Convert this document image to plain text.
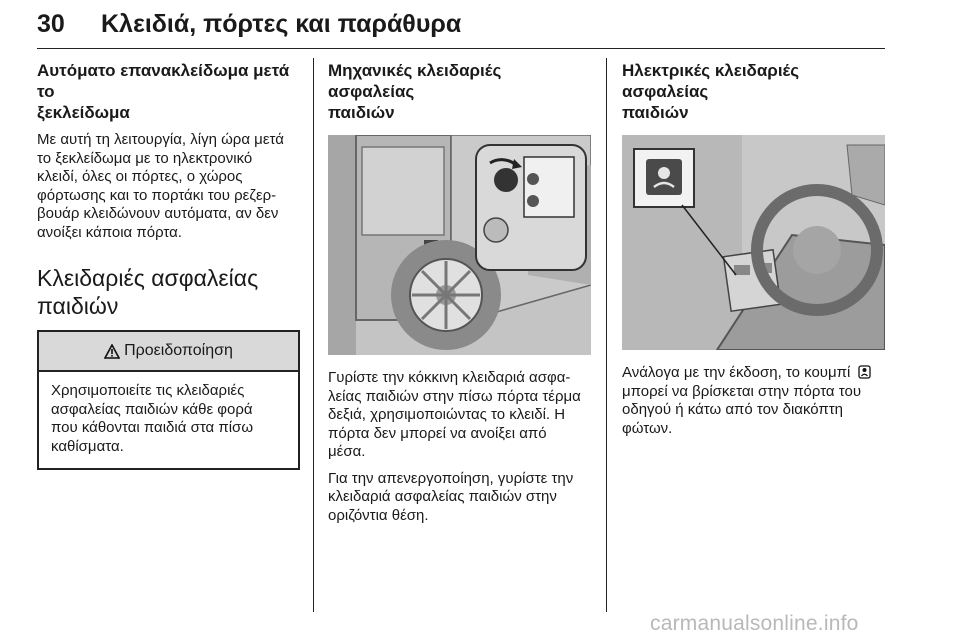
30 Κλειδιά, πόρτες και παράθυρα
Αυτόματο επανακλείδωμα μετά το
ξεκλείδωμα
Με αυτή τη λειτουργία, λίγη ώρα μετά
το ξεκλείδωμα με το ηλεκτρονικό
κλειδί, όλες οι πόρτες, ο χώρος
φόρτωσης και το πορτάκι του ρεζερ-
βουάρ κλειδώνουν αυτόματα, αν δεν
ανοίξει κάποια πόρτα.
Κλειδαριές ασφαλείας
παιδιών
Προειδοποίηση
Χρησιμοποιείτε τις κλειδαριές
ασφαλείας παιδιών κάθε φορά
που κάθονται παιδιά στα πίσω
καθίσματα.
Μηχανικές κλειδαριές ασφαλείας
παιδιών
Γυρίστε την κόκκινη κλειδαριά ασφα-
λείας παιδιών στην πίσω πόρτα τέρμα
δεξιά, χρησιμοποιώντας το κλειδί. Η
πόρτα δεν μπορεί να ανοίξει από
μέσα.
Για την απενεργοποίηση, γυρίστε την
κλειδαριά ασφαλείας παιδιών στην
οριζόντια θέση.
Ηλεκτρικές κλειδαριές ασφαλείας
παιδιών
Ανάλογα με την έκδοση, το κουμπί
μπορεί να βρίσκεται στην πόρτα του
οδηγού ή κάτω από τον διακόπτη
φώτων.
carmanualsonline.info
